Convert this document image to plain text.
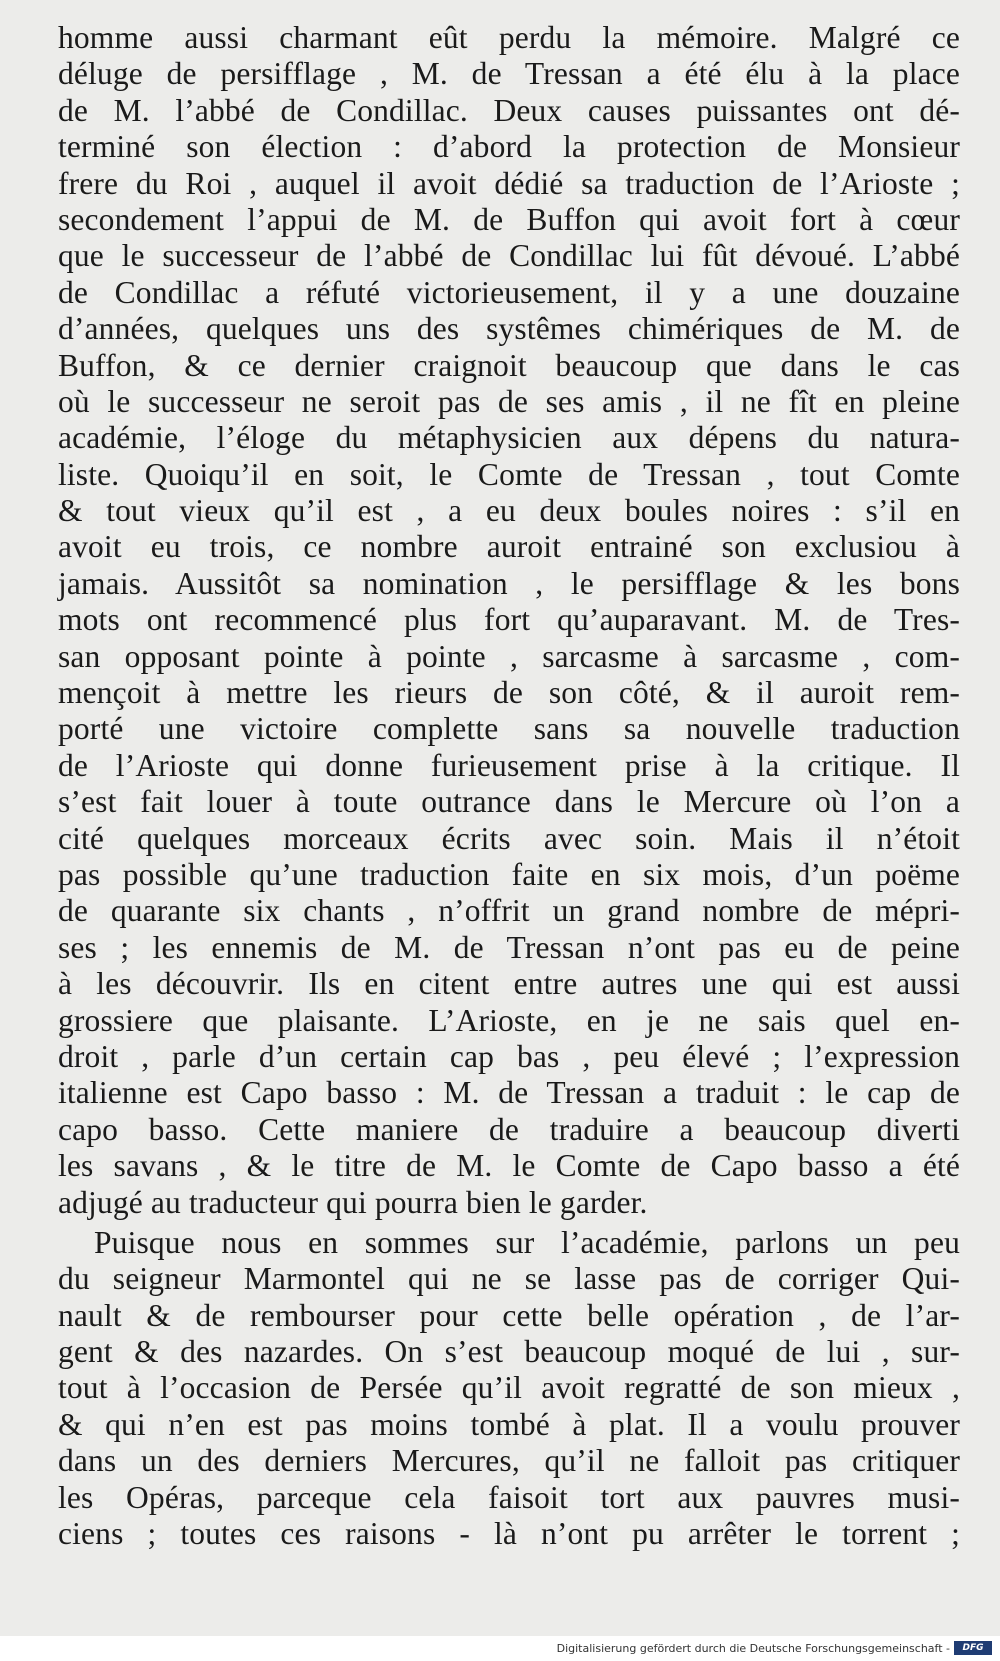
homme aussi charmant eût perdu la mémoire. Malgré ce
déluge de persifflage , M. de Tressan a été élu à la place
de M. l’abbé de Condillac. Deux causes puissantes ont dé-
terminé son élection : d’abord la protection de Monsieur
frere du Roi , auquel il avoit dédié sa traduction de l’Arioste ;
secondement l’appui de M. de Buffon qui avoit fort à cœur
que le successeur de l’abbé de Condillac lui fût dévoué. L’abbé
de Condillac a réfuté victorieusement, il y a une douzaine
d’années, quelques uns des systêmes chimériques de M. de
Buffon, & ce dernier craignoit beaucoup que dans le cas
où le successeur ne seroit pas de ses amis , il ne fît en pleine
académie, l’éloge du métaphysicien aux dépens du natura-
liste. Quoiqu’il en soit, le Comte de Tressan , tout Comte
& tout vieux qu’il est , a eu deux boules noires : s’il en
avoit eu trois, ce nombre auroit entrainé son exclusiou à
jamais. Aussitôt sa nomination , le persifflage & les bons
mots ont recommencé plus fort qu’auparavant. M. de Tres-
san opposant pointe à pointe , sarcasme à sarcasme , com-
mençoit à mettre les rieurs de son côté, & il auroit rem-
porté une victoire complette sans sa nouvelle traduction
de l’Arioste qui donne furieusement prise à la critique. Il
s’est fait louer à toute outrance dans le Mercure où l’on a
cité quelques morceaux écrits avec soin. Mais il n’étoit
pas possible qu’une traduction faite en six mois, d’un poëme
de quarante six chants , n’offrit un grand nombre de mépri-
ses ; les ennemis de M. de Tressan n’ont pas eu de peine
à les découvrir. Ils en citent entre autres une qui est aussi
grossiere que plaisante. L’Arioste, en je ne sais quel en-
droit , parle d’un certain cap bas , peu élevé ; l’expression
italienne est Capo basso : M. de Tressan a traduit : le cap de
capo basso. Cette maniere de traduire a beaucoup diverti
les savans , & le titre de M. le Comte de Capo basso a été
adjugé au traducteur qui pourra bien le garder.
Puisque nous en sommes sur l’académie, parlons un peu
du seigneur Marmontel qui ne se lasse pas de corriger Qui-
nault & de rembourser pour cette belle opération , de l’ar-
gent & des nazardes. On s’est beaucoup moqué de lui , sur-
tout à l’occasion de Persée qu’il avoit regratté de son mieux ,
& qui n’en est pas moins tombé à plat. Il a voulu prouver
dans un des derniers Mercures, qu’il ne falloit pas critiquer
les Opéras, parceque cela faisoit tort aux pauvres musi-
ciens ; toutes ces raisons - là n’ont pu arrêter le torrent ;
Digitalisierung gefördert durch die Deutsche Forschungsgemeinschaft -	DFG
